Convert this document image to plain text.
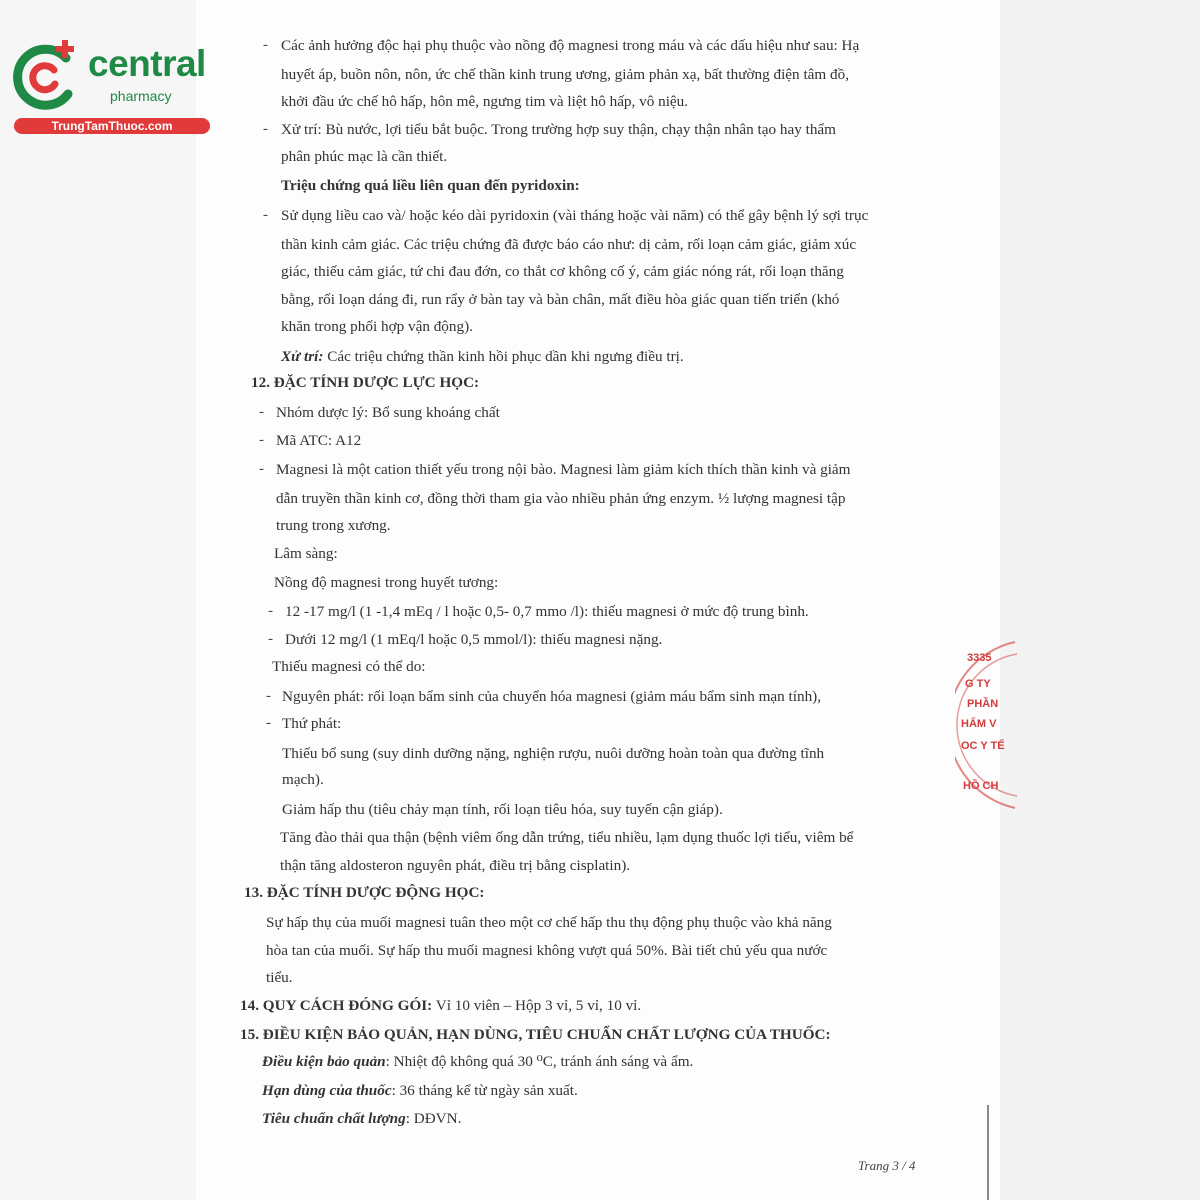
central
pharmacy
TrungTamThuoc.com
3335
G TY
PHẦN
HẨM V
OC Y TẾ
HỒ CH
- Các ảnh hưởng độc hại phụ thuộc vào nồng độ magnesi trong máu và các dấu hiệu như sau: Hạ
huyết áp, buồn nôn, nôn, ức chế thần kinh trung ương, giảm phản xạ, bất thường điện tâm đồ,
khởi đầu ức chế hô hấp, hôn mê, ngưng tim và liệt hô hấp, vô niệu.
- Xử trí: Bù nước, lợi tiểu bắt buộc. Trong trường hợp suy thận, chạy thận nhân tạo hay thẩm
phân phúc mạc là cần thiết.
Triệu chứng quá liều liên quan đến pyridoxin:
- Sử dụng liều cao và/ hoặc kéo dài pyridoxin (vài tháng hoặc vài năm) có thể gây bệnh lý sợi trục
thần kinh cảm giác. Các triệu chứng đã được báo cáo như: dị cảm, rối loạn cảm giác, giảm xúc
giác, thiếu cảm giác, tứ chi đau đớn, co thắt cơ không cố ý, cảm giác nóng rát, rối loạn thăng
bằng, rối loạn dáng đi, run rẩy ở bàn tay và bàn chân, mất điều hòa giác quan tiến triển (khó
khăn trong phối hợp vận động).
Xử trí: Các triệu chứng thần kinh hồi phục dần khi ngưng điều trị.
12. ĐẶC TÍNH DƯỢC LỰC HỌC:
- Nhóm dược lý: Bổ sung khoáng chất
- Mã ATC: A12
- Magnesi là một cation thiết yếu trong nội bào. Magnesi làm giảm kích thích thần kinh và giảm
dẫn truyền thần kinh cơ, đồng thời tham gia vào nhiều phản ứng enzym. ½ lượng magnesi tập
trung trong xương.
Lâm sàng:
Nồng độ magnesi trong huyết tương:
- 12 -17 mg/l (1 -1,4 mEq / l hoặc 0,5- 0,7 mmo /l): thiếu magnesi ở mức độ trung bình.
- Dưới 12 mg/l (1 mEq/l hoặc 0,5 mmol/l): thiếu magnesi nặng.
Thiếu magnesi có thể do:
- Nguyên phát: rối loạn bẩm sinh của chuyển hóa magnesi (giảm máu bẩm sinh mạn tính),
- Thứ phát:
Thiếu bổ sung (suy dinh dưỡng nặng, nghiện rượu, nuôi dưỡng hoàn toàn qua đường tĩnh
mạch).
Giảm hấp thu (tiêu chảy mạn tính, rối loạn tiêu hóa, suy tuyến cận giáp).
Tăng đào thải qua thận (bệnh viêm ống dẫn trứng, tiểu nhiều, lạm dụng thuốc lợi tiểu, viêm bể
thận tăng aldosteron nguyên phát, điều trị bằng cisplatin).
13. ĐẶC TÍNH DƯỢC ĐỘNG HỌC:
Sự hấp thụ của muối magnesi tuân theo một cơ chế hấp thu thụ động phụ thuộc vào khả năng
hòa tan của muối. Sự hấp thu muối magnesi không vượt quá 50%. Bài tiết chủ yếu qua nước
tiểu.
14. QUY CÁCH ĐÓNG GÓI: Vỉ 10 viên – Hộp 3 vỉ, 5 vỉ, 10 vỉ.
15. ĐIỀU KIỆN BẢO QUẢN, HẠN DÙNG, TIÊU CHUẨN CHẤT LƯỢNG CỦA THUỐC:
Điều kiện bảo quản: Nhiệt độ không quá 30 ⁰C, tránh ánh sáng và ẩm.
Hạn dùng của thuốc: 36 tháng kể từ ngày sản xuất.
Tiêu chuẩn chất lượng: DĐVN.
Trang 3 / 4
